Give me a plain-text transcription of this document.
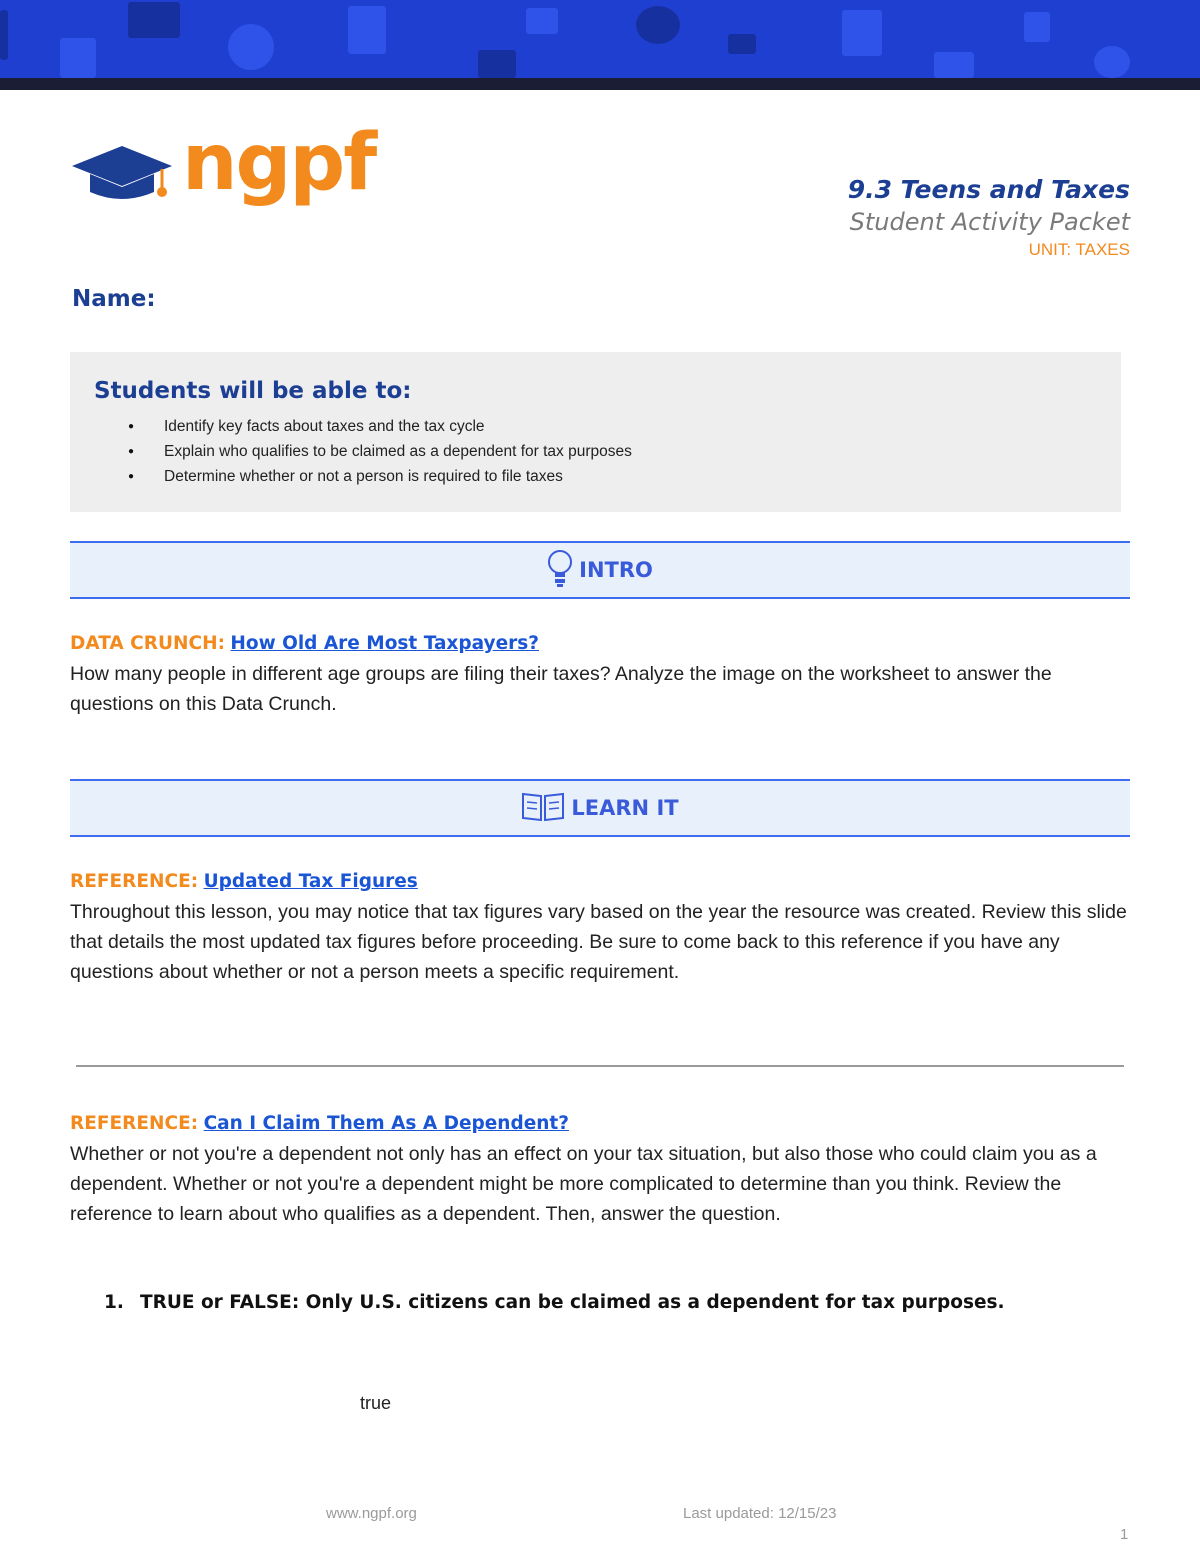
ngpf	9.3 Teens and Taxes
Student Activity Packet
UNIT: TAXES
Name:
Students will be able to:
● Identify key facts about taxes and the tax cycle
● Explain who qualifies to be claimed as a dependent for tax purposes
● Determine whether or not a person is required to file taxes
INTRO
DATA CRUNCH: How Old Are Most Taxpayers?
How many people in different age groups are filing their taxes? Analyze the image on the worksheet to answer the questions on this Data Crunch.
LEARN IT
REFERENCE: Updated Tax Figures
Throughout this lesson, you may notice that tax figures vary based on the year the resource was created. Review this slide that details the most updated tax figures before proceeding. Be sure to come back to this reference if you have any questions about whether or not a person meets a specific requirement.
REFERENCE: Can I Claim Them As A Dependent?
Whether or not you're a dependent not only has an effect on your tax situation, but also those who could claim you as a dependent. Whether or not you're a dependent might be more complicated to determine than you think. Review the reference to learn about who qualifies as a dependent. Then, answer the question.
1. TRUE or FALSE: Only U.S. citizens can be claimed as a dependent for tax purposes.
true
www.ngpf.org	Last updated: 12/15/23
1
